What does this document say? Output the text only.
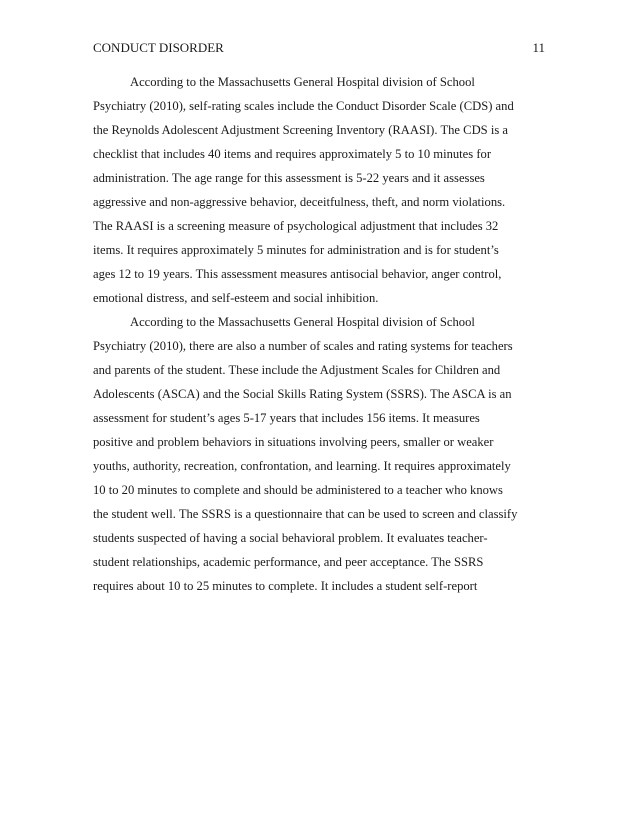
CONDUCT DISORDER	11
According to the Massachusetts General Hospital division of School
Psychiatry (2010), self-rating scales include the Conduct Disorder Scale (CDS) and
the Reynolds Adolescent Adjustment Screening Inventory (RAASI). The CDS is a
checklist that includes 40 items and requires approximately 5 to 10 minutes for
administration. The age range for this assessment is 5-22 years and it assesses
aggressive and non-aggressive behavior, deceitfulness, theft, and norm violations.
The RAASI is a screening measure of psychological adjustment that includes 32
items. It requires approximately 5 minutes for administration and is for student’s
ages 12 to 19 years. This assessment measures antisocial behavior, anger control,
emotional distress, and self-esteem and social inhibition.
According to the Massachusetts General Hospital division of School
Psychiatry (2010), there are also a number of scales and rating systems for teachers
and parents of the student. These include the Adjustment Scales for Children and
Adolescents (ASCA) and the Social Skills Rating System (SSRS). The ASCA is an
assessment for student’s ages 5-17 years that includes 156 items. It measures
positive and problem behaviors in situations involving peers, smaller or weaker
youths, authority, recreation, confrontation, and learning. It requires approximately
10 to 20 minutes to complete and should be administered to a teacher who knows
the student well. The SSRS is a questionnaire that can be used to screen and classify
students suspected of having a social behavioral problem. It evaluates teacher-
student relationships, academic performance, and peer acceptance. The SSRS
requires about 10 to 25 minutes to complete. It includes a student self-report
